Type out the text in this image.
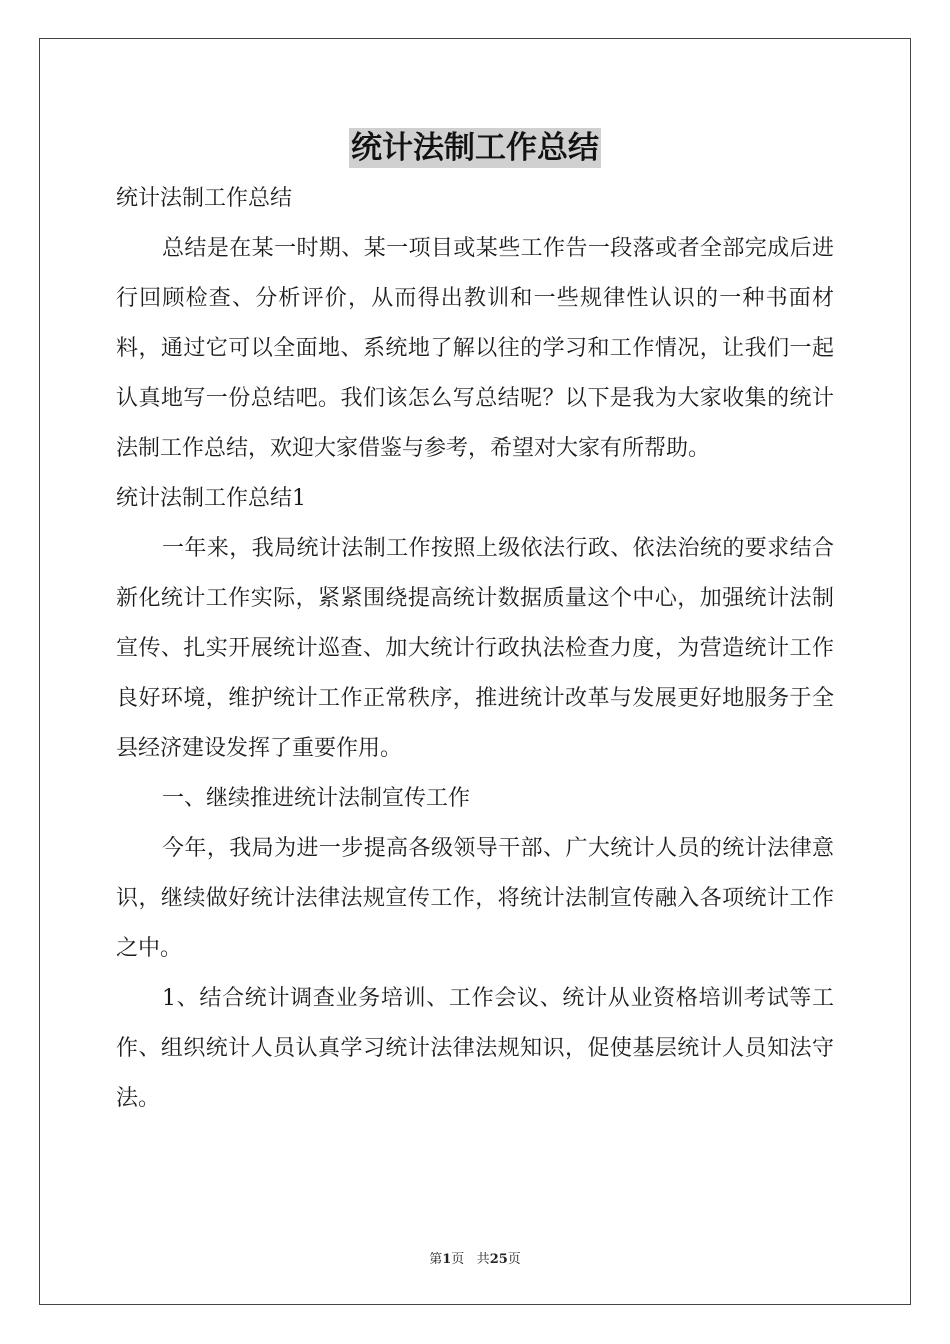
统计法制工作总结

统计法制工作总结

总结是在某一时期、某一项目或某些工作告一段落或者全部完成后进行回顾检查、分析评价，从而得出教训和一些规律性认识的一种书面材料，通过它可以全面地、系统地了解以往的学习和工作情况，让我们一起认真地写一份总结吧。我们该怎么写总结呢？以下是我为大家收集的统计法制工作总结，欢迎大家借鉴与参考，希望对大家有所帮助。

统计法制工作总结1

一年来，我局统计法制工作按照上级依法行政、依法治统的要求结合新化统计工作实际，紧紧围绕提高统计数据质量这个中心，加强统计法制宣传、扎实开展统计巡查、加大统计行政执法检查力度，为营造统计工作良好环境，维护统计工作正常秩序，推进统计改革与发展更好地服务于全县经济建设发挥了重要作用。

一、继续推进统计法制宣传工作

今年，我局为进一步提高各级领导干部、广大统计人员的统计法律意识，继续做好统计法律法规宣传工作，将统计法制宣传融入各项统计工作之中。

1、结合统计调查业务培训、工作会议、统计从业资格培训考试等工作、组织统计人员认真学习统计法律法规知识，促使基层统计人员知法守法。

第1页 共25页
